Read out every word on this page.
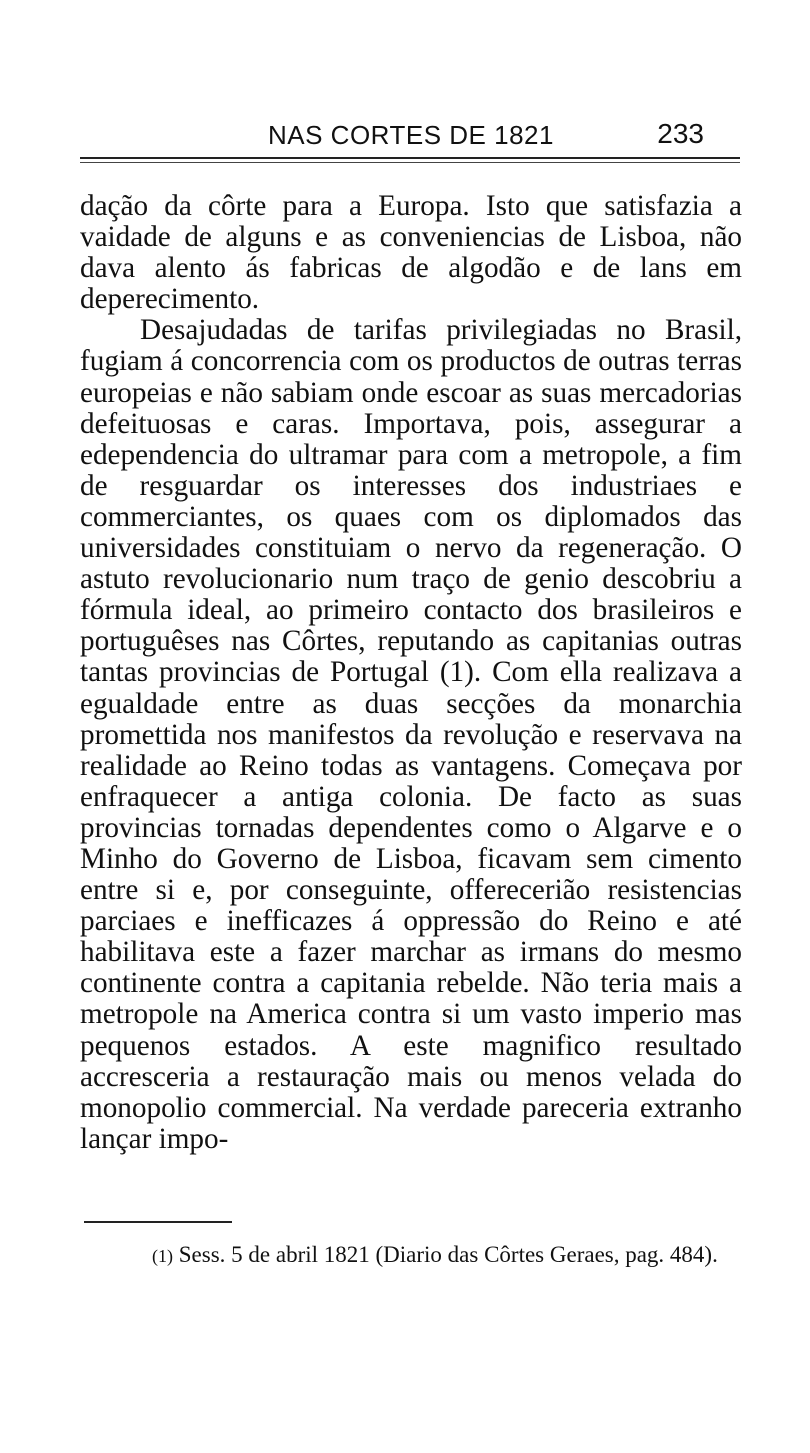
NAS CORTES DE 1821	233

dação da côrte para a Europa. Isto que satisfazia a vaidade de alguns e as conveniencias de Lisboa, não dava alento ás fabricas de algodão e de lans em deperecimento.

Desajudadas de tarifas privilegiadas no Brasil, fugiam á concorrencia com os productos de outras terras europeias e não sabiam onde escoar as suas mercadorias defeituosas e caras. Importava, pois, assegurar a edependencia do ultramar para com a metropole, a fim de resguardar os interesses dos industriaes e commerciantes, os quaes com os diplomados das universidades constituiam o nervo da regeneração. O astuto revolucionario num traço de genio descobriu a fórmula ideal, ao primeiro contacto dos brasileiros e portuguêses nas Côrtes, reputando as capitanias outras tantas provincias de Portugal (1). Com ella realizava a egualdade entre as duas secções da monarchia promettida nos manifestos da revolução e reservava na realidade ao Reino todas as vantagens. Começava por enfraquecer a antiga colonia. De facto as suas provincias tornadas dependentes como o Algarve e o Minho do Governo de Lisboa, ficavam sem cimento entre si e, por conseguinte, offerecerião resistencias parciaes e inefficazes á oppressão do Reino e até habilitava este a fazer marchar as irmans do mesmo continente contra a capitania rebelde. Não teria mais a metropole na America contra si um vasto imperio mas pequenos estados. A este magnifico resultado accresceria a restauração mais ou menos velada do monopolio commercial. Na verdade pareceria extranho lançar impo-

(1) Sess. 5 de abril 1821 (Diario das Côrtes Geraes, pag. 484).
